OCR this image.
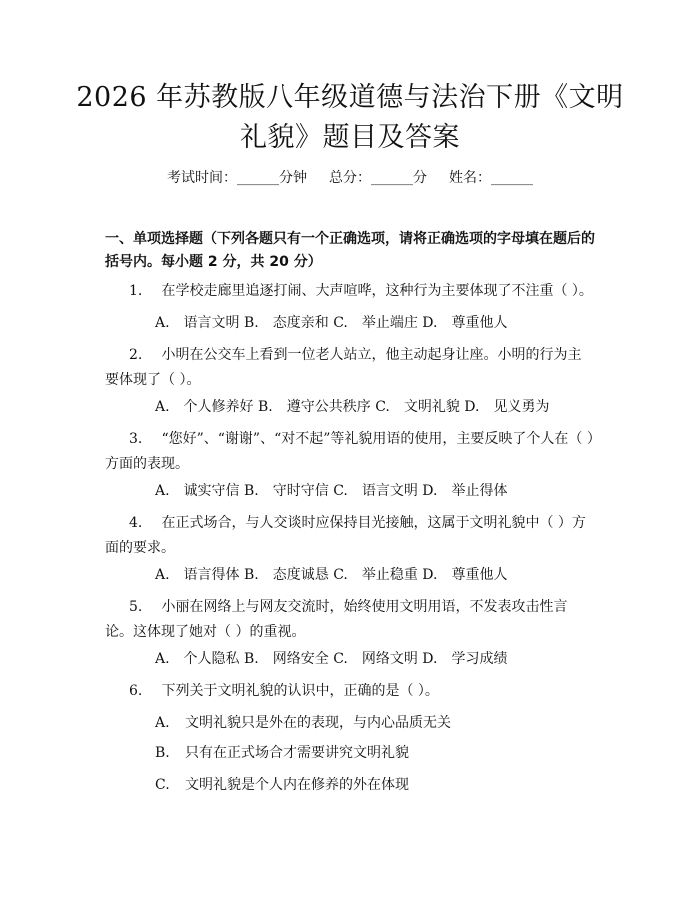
2026 年苏教版八年级道德与法治下册《文明
礼貌》题目及答案
考试时间：______分钟 总分：______分 姓名：______
一、单项选择题（下列各题只有一个正确选项，请将正确选项的字母填在题后的括号内。每小题 2 分，共 20 分）
1. 在学校走廊里追逐打闹、大声喧哗，这种行为主要体现了不注重（ ）。
A.　语言文明 B.　态度亲和 C.　举止端庄 D.　尊重他人
2. 小明在公交车上看到一位老人站立，他主动起身让座。小明的行为主要体现了（ ）。
A.　个人修养好 B.　遵守公共秩序 C.　文明礼貌 D.　见义勇为
3. “您好”、“谢谢”、“对不起”等礼貌用语的使用，主要反映了个人在（ ）方面的表现。
A.　诚实守信 B.　守时守信 C.　语言文明 D.　举止得体
4. 在正式场合，与人交谈时应保持目光接触，这属于文明礼貌中（ ）方面的要求。
A.　语言得体 B.　态度诚恳 C.　举止稳重 D.　尊重他人
5. 小丽在网络上与网友交流时，始终使用文明用语，不发表攻击性言论。这体现了她对（ ）的重视。
A.　个人隐私 B.　网络安全 C.　网络文明 D.　学习成绩
6. 下列关于文明礼貌的认识中，正确的是（ ）。
A. 文明礼貌只是外在的表现，与内心品质无关
B. 只有在正式场合才需要讲究文明礼貌
C. 文明礼貌是个人内在修养的外在体现
